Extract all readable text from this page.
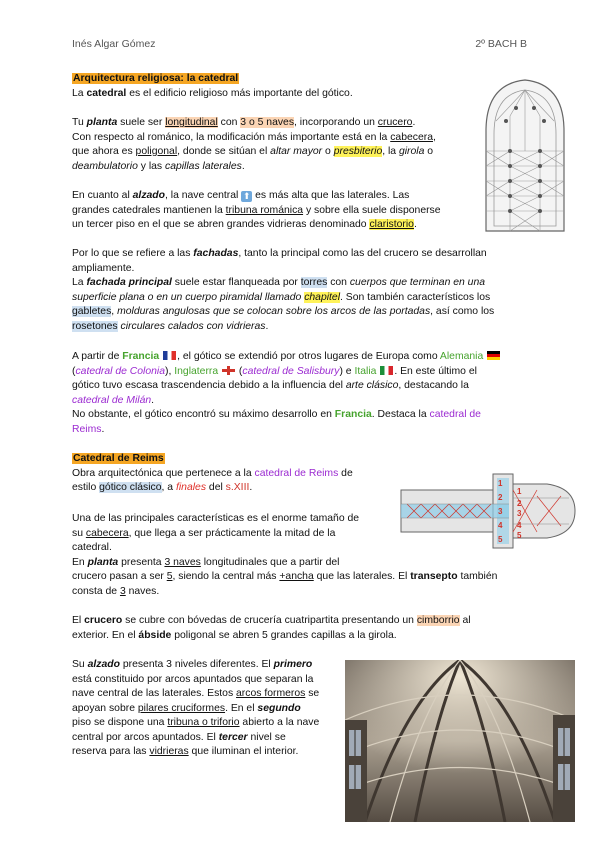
Inés Algar Gómez	2º BACH B

Arquitectura religiosa: la catedral

La catedral es el edificio religioso más importante del gótico.

Tu planta suele ser longitudinal con 3 o 5 naves, incorporando un crucero.

Con respecto al románico, la modificación más importante está en la cabecera,

que ahora es poligonal, donde se sitúan el altar mayor o presbiterio, la girola o

deambulatorio y las capillas laterales.

En cuanto al alzado, la nave central ⬆ es más alta que las laterales. Las

grandes catedrales mantienen la tribuna románica y sobre ella suele disponerse

un tercer piso en el que se abren grandes vidrieras denominado claristorio.

Por lo que se refiere a las fachadas, tanto la principal como las del crucero se desarrollan

ampliamente.

La fachada principal suele estar flanqueada por torres con cuerpos que terminan en una

superficie plana o en un cuerpo piramidal llamado chapitel. Son también característicos los

gabletes, molduras angulosas que se colocan sobre los arcos de las portadas, así como los

rosetones circulares calados con vidrieras.

A partir de Francia , el gótico se extendió por otros lugares de Europa como Alemania

(catedral de Colonia), Inglaterra  (catedral de Salisbury) e Italia . En este último el

gótico tuvo escasa trascendencia debido a la influencia del arte clásico, destacando la

catedral de Milán.

No obstante, el gótico encontró su máximo desarrollo en Francia. Destaca la catedral de

Reims.

Catedral de Reims

Obra arquitectónica que pertenece a la catedral de Reims de

estilo gótico clásico, a finales del s.XIII.

Una de las principales características es el enorme tamaño de

su cabecera, que llega a ser prácticamente la mitad de la

catedral.

En planta presenta 3 naves longitudinales que a partir del

crucero pasan a ser 5, siendo la central más +ancha que las laterales. El transepto también

consta de 3 naves.

El crucero se cubre con bóvedas de crucería cuatripartita presentando un cimborrio al

exterior. En el ábside poligonal se abren 5 grandes capillas a la girola.

Su alzado presenta 3 niveles diferentes. El primero

está constituido por arcos apuntados que separan la

nave central de las laterales. Estos arcos formeros se

apoyan sobre pilares cruciformes. En el segundo

piso se dispone una tribuna o triforio abierto a la nave

central por arcos apuntados. El tercer nivel se

reserva para las vidrieras que iluminan el interior.

1
2
3
4
5
1
2
3
4
5
